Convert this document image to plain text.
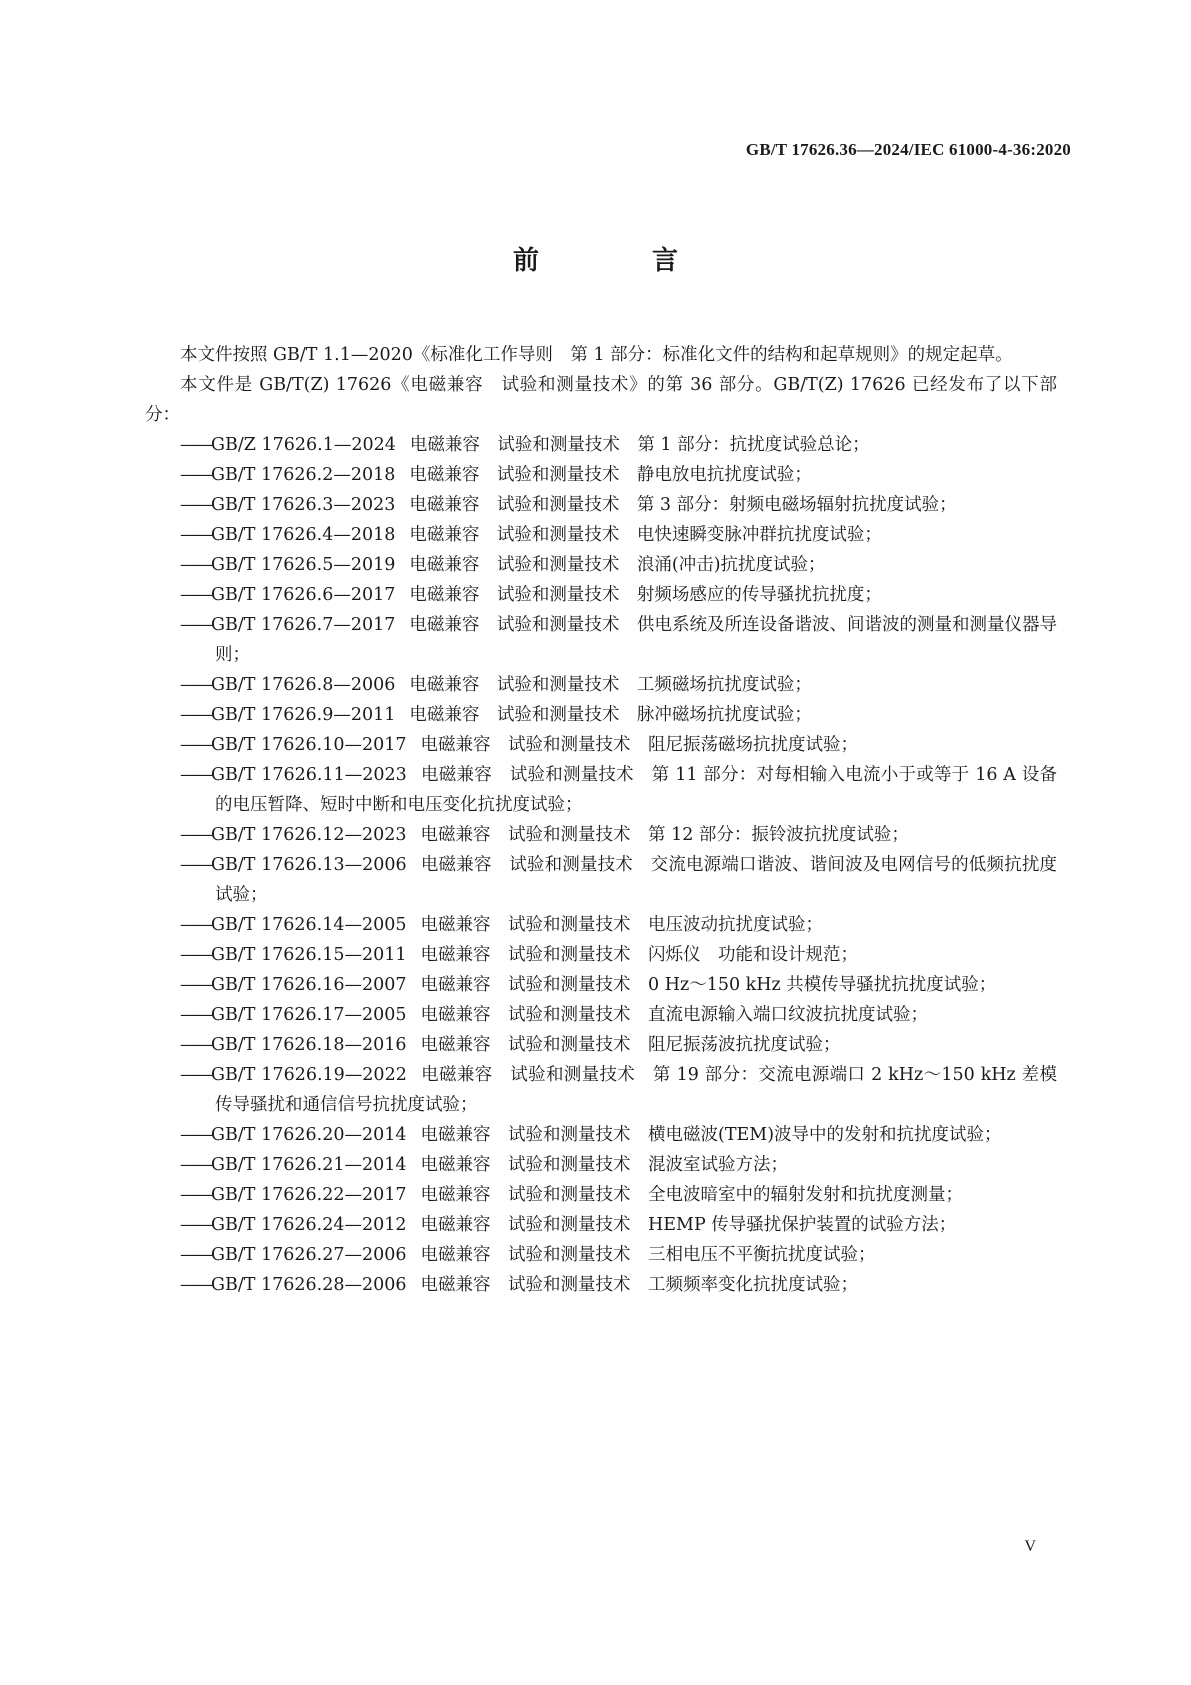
GB/T 17626.36—2024/IEC 61000-4-36:2020
前 言

本文件按照 GB/T 1.1—2020《标准化工作导则　第 1 部分：标准化文件的结构和起草规则》的规定起草。

本文件是 GB/T(Z) 17626《电磁兼容　试验和测量技术》的第 36 部分。GB/T(Z) 17626 已经发布了以下部分：

——GB/Z 17626.1—2024 电磁兼容　试验和测量技术　第 1 部分：抗扰度试验总论；
——GB/T 17626.2—2018 电磁兼容　试验和测量技术　静电放电抗扰度试验；
——GB/T 17626.3—2023 电磁兼容　试验和测量技术　第 3 部分：射频电磁场辐射抗扰度试验；
——GB/T 17626.4—2018 电磁兼容　试验和测量技术　电快速瞬变脉冲群抗扰度试验；
——GB/T 17626.5—2019 电磁兼容　试验和测量技术　浪涌(冲击)抗扰度试验；
——GB/T 17626.6—2017 电磁兼容　试验和测量技术　射频场感应的传导骚扰抗扰度；
——GB/T 17626.7—2017 电磁兼容　试验和测量技术　供电系统及所连设备谐波、间谐波的测量和测量仪器导则；
——GB/T 17626.8—2006 电磁兼容　试验和测量技术　工频磁场抗扰度试验；
——GB/T 17626.9—2011 电磁兼容　试验和测量技术　脉冲磁场抗扰度试验；
——GB/T 17626.10—2017 电磁兼容　试验和测量技术　阻尼振荡磁场抗扰度试验；
——GB/T 17626.11—2023 电磁兼容　试验和测量技术　第 11 部分：对每相输入电流小于或等于 16 A 设备的电压暂降、短时中断和电压变化抗扰度试验；
——GB/T 17626.12—2023 电磁兼容　试验和测量技术　第 12 部分：振铃波抗扰度试验；
——GB/T 17626.13—2006 电磁兼容　试验和测量技术　交流电源端口谐波、谐间波及电网信号的低频抗扰度试验；
——GB/T 17626.14—2005 电磁兼容　试验和测量技术　电压波动抗扰度试验；
——GB/T 17626.15—2011 电磁兼容　试验和测量技术　闪烁仪　功能和设计规范；
——GB/T 17626.16—2007 电磁兼容　试验和测量技术　0 Hz～150 kHz 共模传导骚扰抗扰度试验；
——GB/T 17626.17—2005 电磁兼容　试验和测量技术　直流电源输入端口纹波抗扰度试验；
——GB/T 17626.18—2016 电磁兼容　试验和测量技术　阻尼振荡波抗扰度试验；
——GB/T 17626.19—2022 电磁兼容　试验和测量技术　第 19 部分：交流电源端口 2 kHz～150 kHz 差模传导骚扰和通信信号抗扰度试验；
——GB/T 17626.20—2014 电磁兼容　试验和测量技术　横电磁波(TEM)波导中的发射和抗扰度试验；
——GB/T 17626.21—2014 电磁兼容　试验和测量技术　混波室试验方法；
——GB/T 17626.22—2017 电磁兼容　试验和测量技术　全电波暗室中的辐射发射和抗扰度测量；
——GB/T 17626.24—2012 电磁兼容　试验和测量技术　HEMP 传导骚扰保护装置的试验方法；
——GB/T 17626.27—2006 电磁兼容　试验和测量技术　三相电压不平衡抗扰度试验；
——GB/T 17626.28—2006 电磁兼容　试验和测量技术　工频频率变化抗扰度试验；
V
